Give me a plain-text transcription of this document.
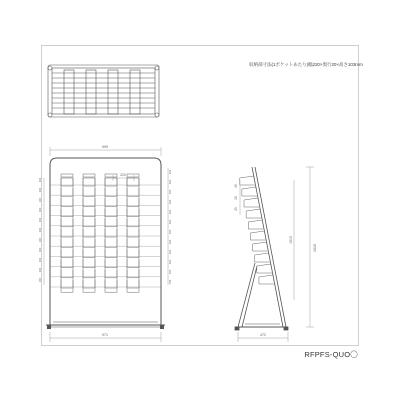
収納部寸法(1ポケットあたり)幅220×奥行20×高さ103mm
999
971
220
103
100
100
100
100
100
100
100
100
100
100
140
103
100
100
100
100
100
100
100
100
100
100
472
1515
1515
45
20
29
RFPFS-QUO〇
